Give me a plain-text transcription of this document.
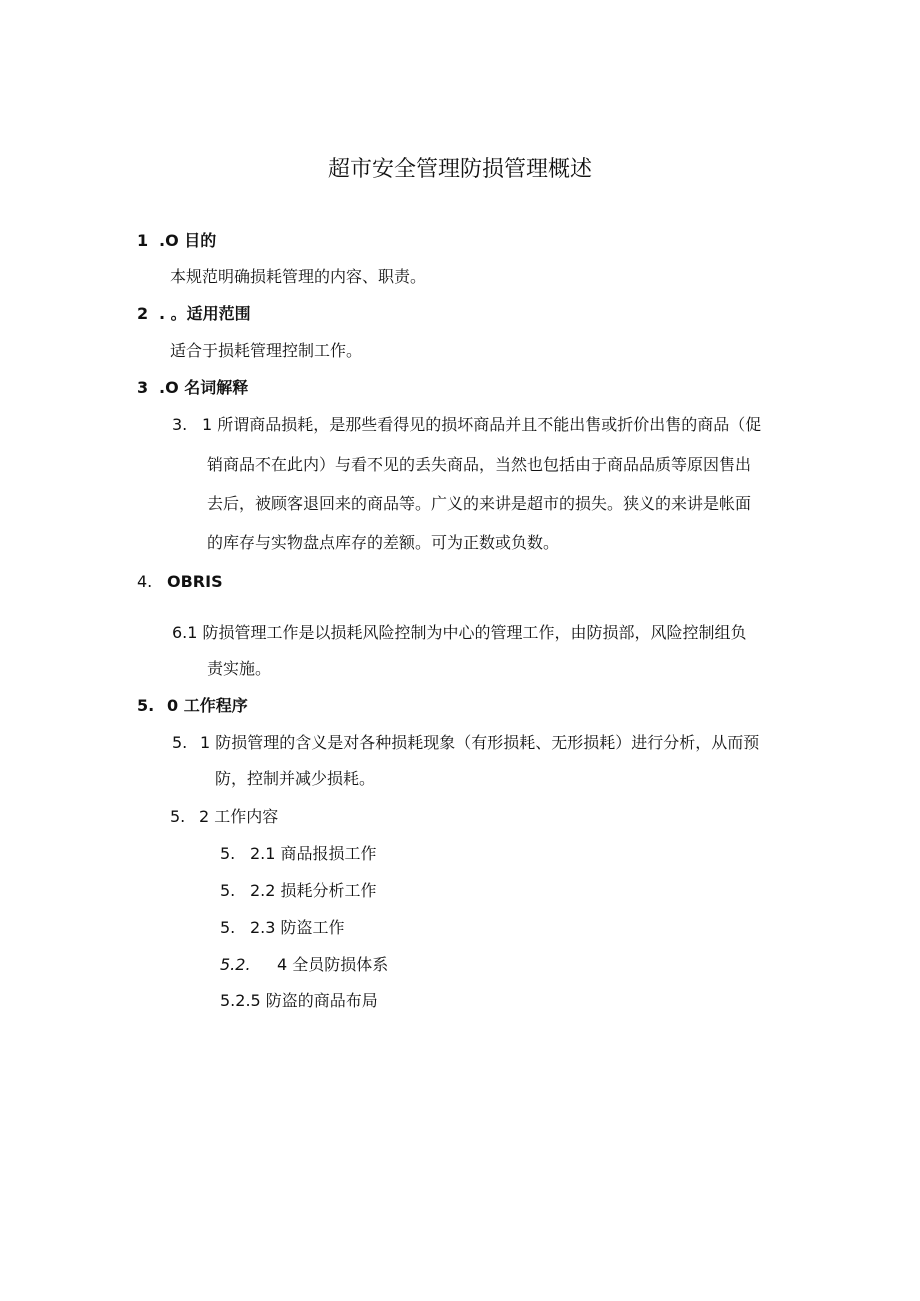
超市安全管理防损管理概述
1 .O 目的
本规范明确损耗管理的内容、职责。
2 . 。适用范围
适合于损耗管理控制工作。
3 .O 名词解释
3. 1 所谓商品损耗，是那些看得见的损坏商品并且不能出售或折价出售的商品（促
销商品不在此内）与看不见的丢失商品，当然也包括由于商品品质等原因售出
去后，被顾客退回来的商品等。广义的来讲是超市的损失。狭义的来讲是帐面
的库存与实物盘点库存的差额。可为正数或负数。
4. OBRIS
6.1 防损管理工作是以损耗风险控制为中心的管理工作，由防损部，风险控制组负
责实施。
5. 0 工作程序
5. 1 防损管理的含义是对各种损耗现象（有形损耗、无形损耗）进行分析，从而预
防，控制并减少损耗。
5. 2 工作内容
5. 2.1 商品报损工作
5. 2.2 损耗分析工作
5. 2.3 防盗工作
5.2. 4 全员防损体系
5.2.5 防盗的商品布局
